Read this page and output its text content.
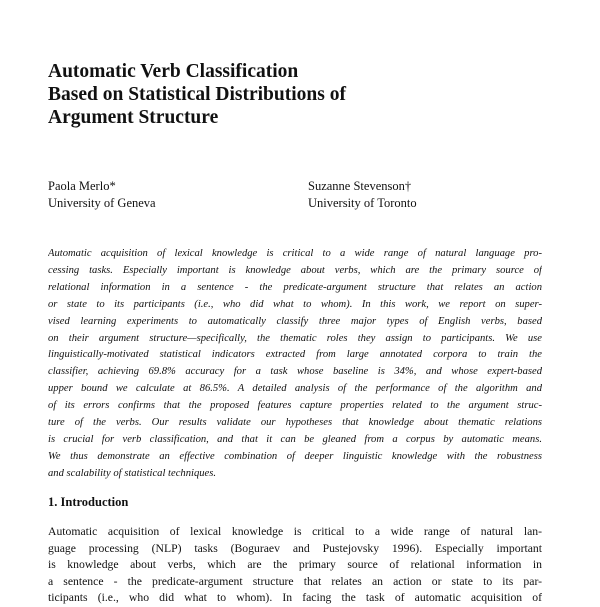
Automatic Verb Classification
Based on Statistical Distributions of
Argument Structure
Paola Merlo*
University of Geneva
Suzanne Stevenson†
University of Toronto
Automatic acquisition of lexical knowledge is critical to a wide range of natural language pro-
cessing tasks. Especially important is knowledge about verbs, which are the primary source of
relational information in a sentence - the predicate-argument structure that relates an action
or state to its participants (i.e., who did what to whom). In this work, we report on super-
vised learning experiments to automatically classify three major types of English verbs, based
on their argument structure—specifically, the thematic roles they assign to participants. We use
linguistically-motivated statistical indicators extracted from large annotated corpora to train the
classifier, achieving 69.8% accuracy for a task whose baseline is 34%, and whose expert-based
upper bound we calculate at 86.5%. A detailed analysis of the performance of the algorithm and
of its errors confirms that the proposed features capture properties related to the argument struc-
ture of the verbs. Our results validate our hypotheses that knowledge about thematic relations
is crucial for verb classification, and that it can be gleaned from a corpus by automatic means.
We thus demonstrate an effective combination of deeper linguistic knowledge with the robustness
and scalability of statistical techniques.
1. Introduction
Automatic acquisition of lexical knowledge is critical to a wide range of natural lan-
guage processing (NLP) tasks (Boguraev and Pustejovsky 1996). Especially important
is knowledge about verbs, which are the primary source of relational information in
a sentence - the predicate-argument structure that relates an action or state to its par-
ticipants (i.e., who did what to whom). In facing the task of automatic acquisition of
